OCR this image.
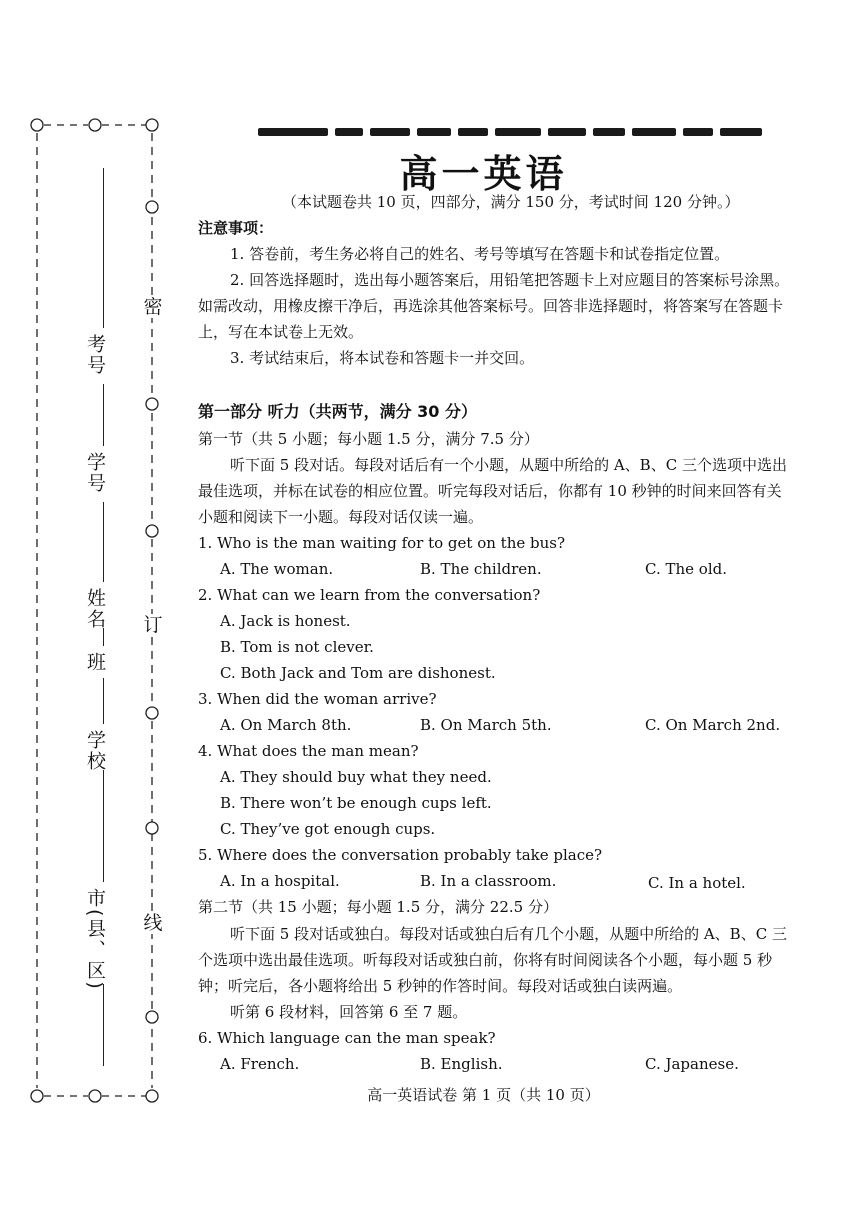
考号
学号
姓名
班
学校
市(县、区)
密
订
线
高一英语
（本试题卷共 10 页，四部分，满分 150 分，考试时间 120 分钟。）
注意事项：
1. 答卷前，考生务必将自己的姓名、考号等填写在答题卡和试卷指定位置。
2. 回答选择题时，选出每小题答案后，用铅笔把答题卡上对应题目的答案标号涂黑。
如需改动，用橡皮擦干净后，再选涂其他答案标号。回答非选择题时，将答案写在答题卡
上，写在本试卷上无效。
3. 考试结束后，将本试卷和答题卡一并交回。
第一部分 听力（共两节，满分 30 分）
第一节（共 5 小题；每小题 1.5 分，满分 7.5 分）
听下面 5 段对话。每段对话后有一个小题，从题中所给的 A、B、C 三个选项中选出
最佳选项，并标在试卷的相应位置。听完每段对话后，你都有 10 秒钟的时间来回答有关
小题和阅读下一小题。每段对话仅读一遍。
1. Who is the man waiting for to get on the bus?
A. The woman.	B. The children.	C. The old.
2. What can we learn from the conversation?
A. Jack is honest.
B. Tom is not clever.
C. Both Jack and Tom are dishonest.
3. When did the woman arrive?
A. On March 8th.	B. On March 5th.	C. On March 2nd.
4. What does the man mean?
A. They should buy what they need.
B. There won’t be enough cups left.
C. They’ve got enough cups.
5. Where does the conversation probably take place?
A. In a hospital.	B. In a classroom.	C. In a hotel.
第二节（共 15 小题；每小题 1.5 分，满分 22.5 分）
听下面 5 段对话或独白。每段对话或独白后有几个小题，从题中所给的 A、B、C 三
个选项中选出最佳选项。听每段对话或独白前，你将有时间阅读各个小题，每小题 5 秒
钟；听完后，各小题将给出 5 秒钟的作答时间。每段对话或独白读两遍。
听第 6 段材料，回答第 6 至 7 题。
6. Which language can the man speak?
A. French.	B. English.	C. Japanese.
高一英语试卷 第 1 页（共 10 页）
